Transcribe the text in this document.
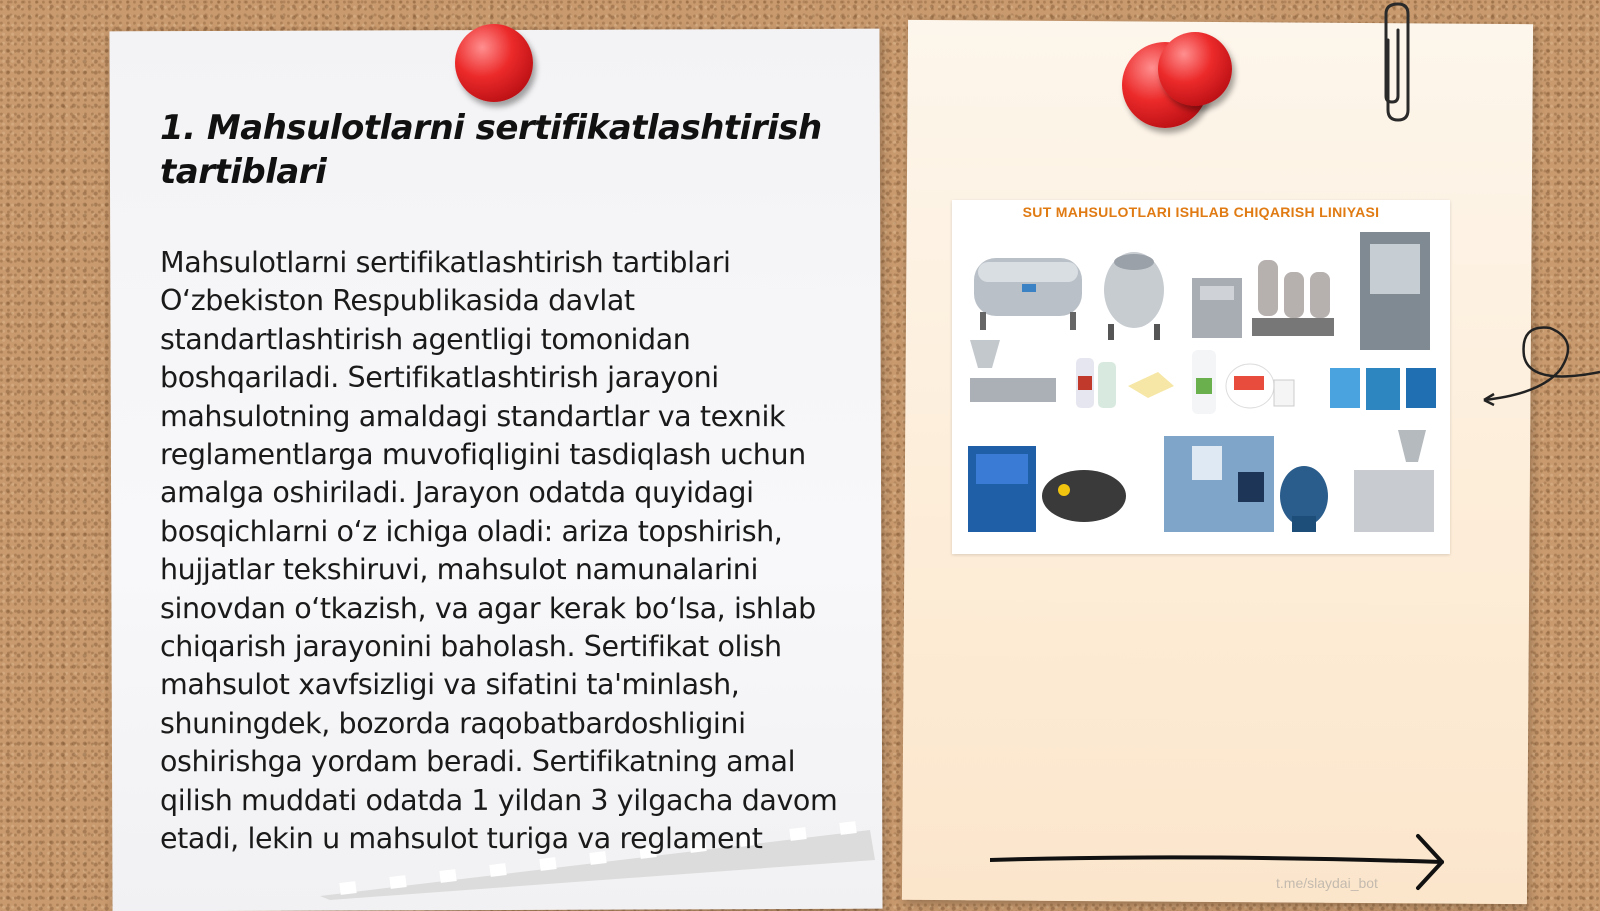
1. Mahsulotlarni sertifikatlashtirish tartiblari

Mahsulotlarni sertifikatlashtirish tartiblari O‘zbekiston Respublikasida davlat standartlashtirish agentligi tomonidan boshqariladi. Sertifikatlashtirish jarayoni mahsulotning amaldagi standartlar va texnik reglamentlarga muvofiqligini tasdiqlash uchun amalga oshiriladi. Jarayon odatda quyidagi bosqichlarni o‘z ichiga oladi: ariza topshirish, hujjatlar tekshiruvi, mahsulot namunalarini sinovdan o‘tkazish, va agar kerak bo‘lsa, ishlab chiqarish jarayonini baholash. Sertifikat olish mahsulot xavfsizligi va sifatini ta'minlash, shuningdek, bozorda raqobatbardoshligini oshirishga yordam beradi. Sertifikatning amal qilish muddati odatda 1 yildan 3 yilgacha davom etadi, lekin u mahsulot turiga va reglament

SUT MAHSULOTLARI ISHLAB CHIQARISH LINIYASI
t.me/slaydai_bot
